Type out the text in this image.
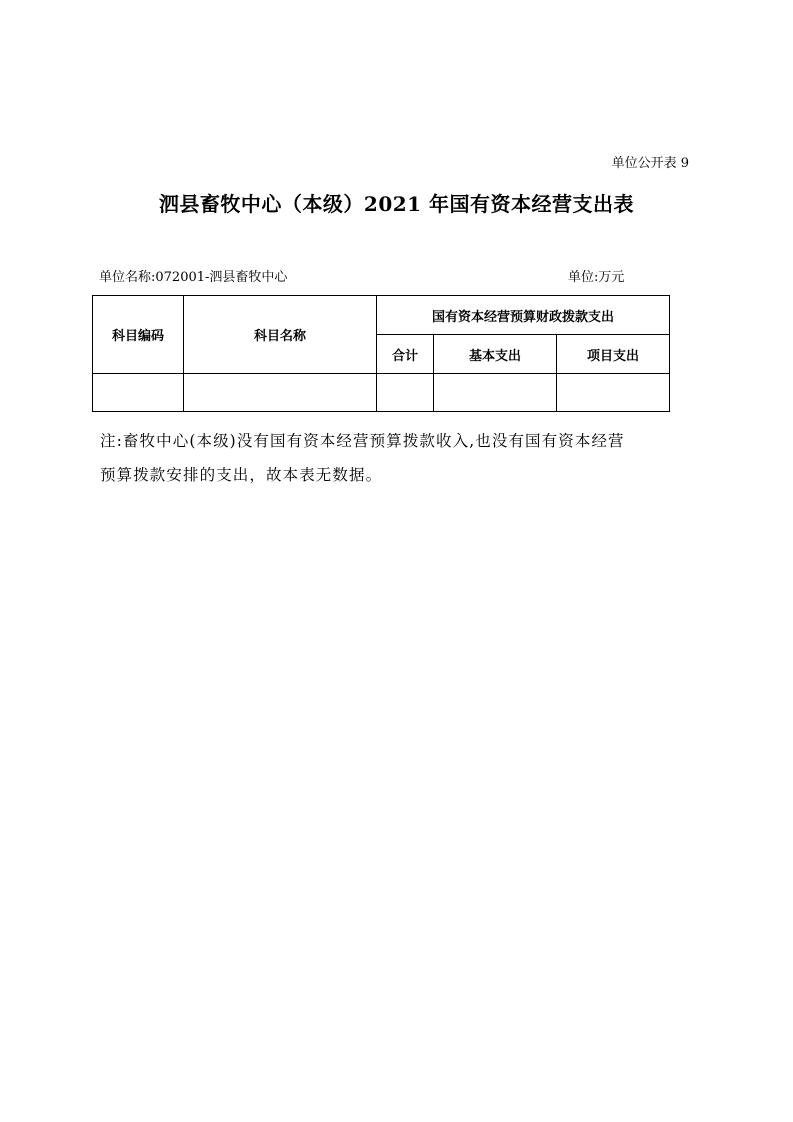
单位公开表 9
泗县畜牧中心（本级）2021 年国有资本经营支出表
单位名称:072001-泗县畜牧中心	单位:万元
科目编码	科目名称	国有资本经营预算财政拨款支出		
		合计	基本支出	项目支出

注:畜牧中心(本级)没有国有资本经营预算拨款收入,也没有国有资本经营

预算拨款安排的支出，故本表无数据。
